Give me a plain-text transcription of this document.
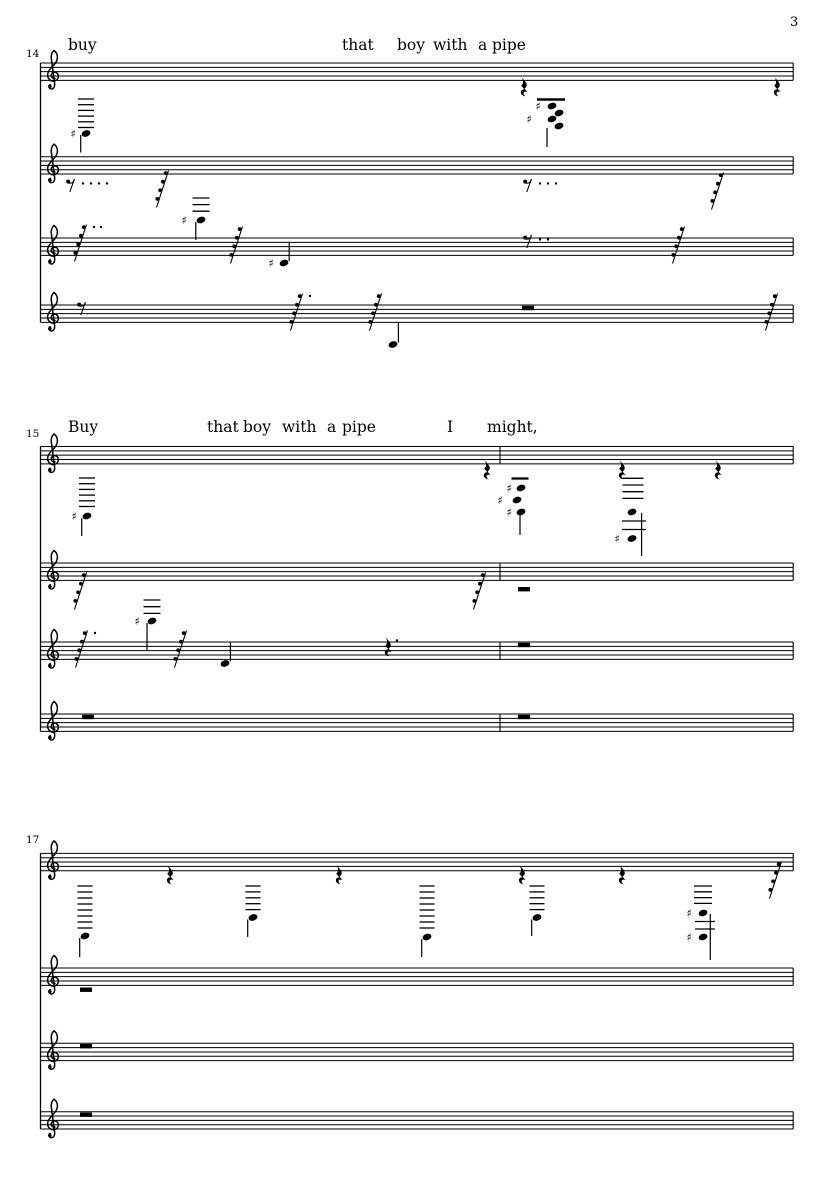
14 buy	that boy with a pipe
♯
♯
♯
♯
♯
15 Buy	that boy with a pipe	I might,
♯
♯
♯
♯
♯
♯
17
♯
♯
3
